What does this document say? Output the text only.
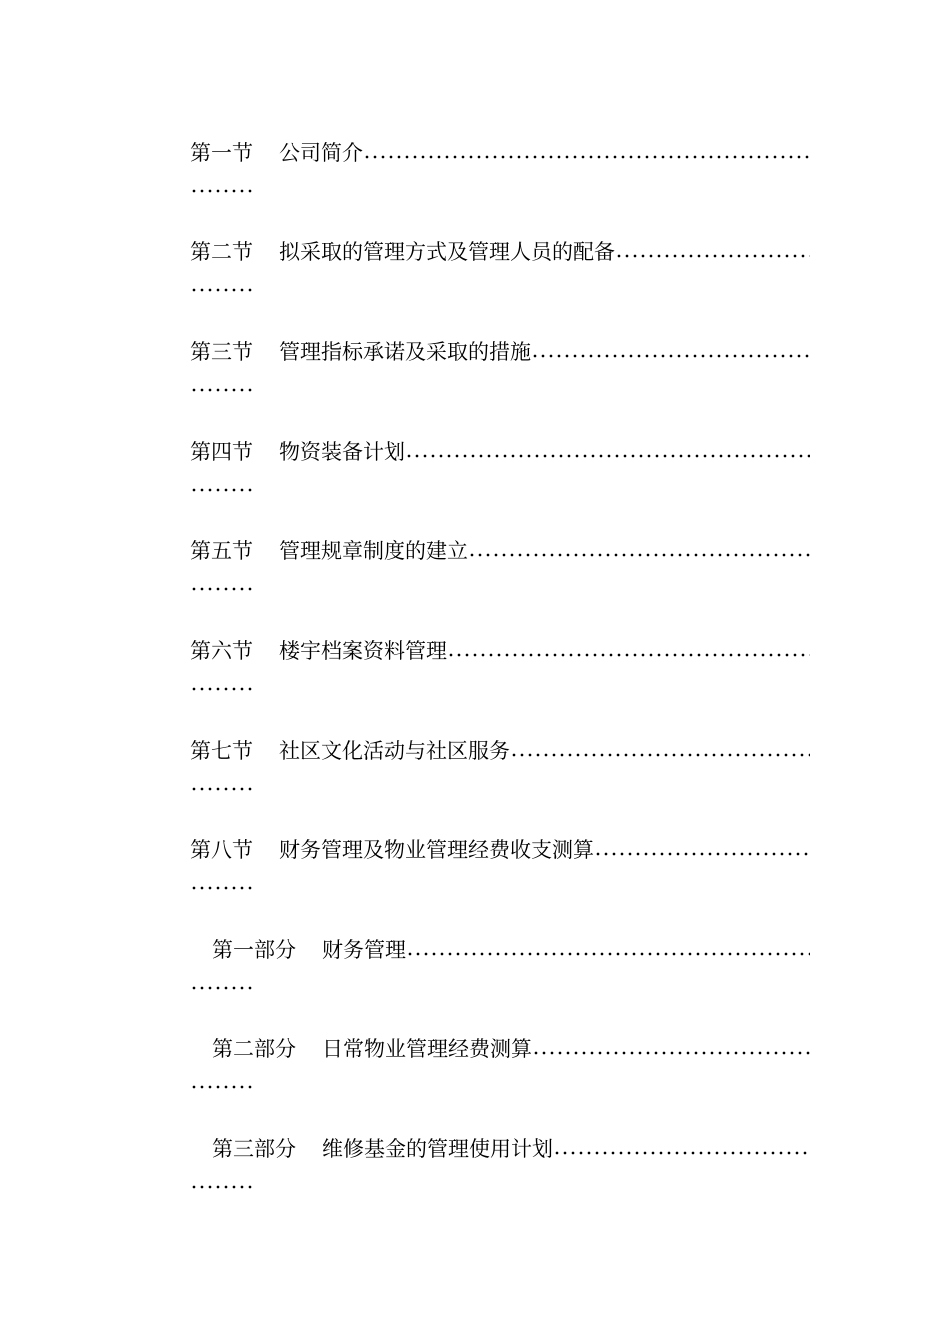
第一节 公司简介
第二节 拟采取的管理方式及管理人员的配备
第三节 管理指标承诺及采取的措施
第四节 物资装备计划
第五节 管理规章制度的建立
第六节 楼宇档案资料管理
第七节 社区文化活动与社区服务
第八节 财务管理及物业管理经费收支测算
第一部分 财务管理
第二部分 日常物业管理经费测算
第三部分 维修基金的管理使用计划
